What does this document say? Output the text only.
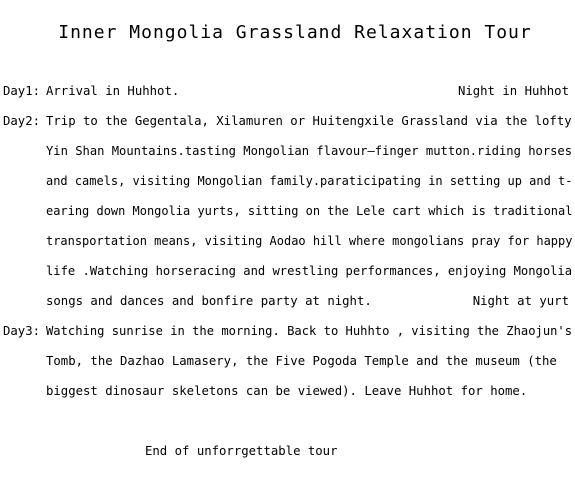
Inner Mongolia Grassland Relaxation Tour
Day1: Arrival in Huhhot.	Night in Huhhot
Day2: Trip to the Gegentala, Xilamuren or Huitengxile Grassland via the lofty
Yin Shan Mountains.tasting Mongolian flavour—finger mutton.riding horses
and camels, visiting Mongolian family.paraticipating in setting up and t-
earing down Mongolia yurts, sitting on the Lele cart which is traditional
transportation means, visiting Aodao hill where mongolians pray for happy
life .Watching horseracing and wrestling performances, enjoying Mongolia
songs and dances and bonfire party at night.	Night at yurt
Day3: Watching sunrise in the morning. Back to Huhhto , visiting the Zhaojun's
Tomb, the Dazhao Lamasery, the Five Pogoda Temple and the museum (the
biggest dinosaur skeletons can be viewed). Leave Huhhot for home.
End of unforrgettable tour
